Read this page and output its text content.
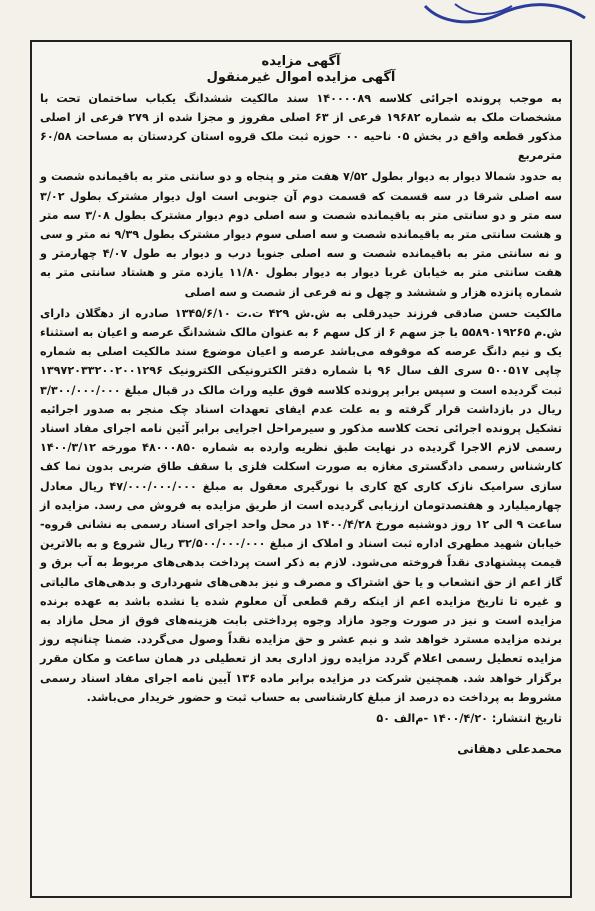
آگهی مزایده
آگهی مزایده اموال غیرمنقول

به موجب پرونده اجرائی کلاسه ۱۴۰۰۰۰۸۹ سند مالکیت ششدانگ یکباب ساختمان تحت با مشخصات ملک به شماره ۱۹۶۸۲ فرعی از ۶۳ اصلی مفروز و مجزا شده از ۲۷۹ فرعی از اصلی مذکور قطعه واقع در بخش ۰۵ ناحیه ۰۰ حوزه ثبت ملک قروه استان کردستان به مساحت ۶۰/۵۸ مترمربع

به حدود شمالا دیوار به دیوار بطول ۷/۵۲ هفت متر و پنجاه و دو سانتی متر به باقیمانده شصت و سه اصلی شرقا در سه قسمت که قسمت دوم آن جنوبی است اول دیوار مشترک بطول ۳/۰۲ سه متر و دو سانتی متر به باقیمانده شصت و سه اصلی دوم دیوار مشترک بطول ۳/۰۸ سه متر و هشت سانتی متر به باقیمانده شصت و سه اصلی سوم دیوار مشترک بطول ۹/۳۹ نه متر و سی و نه سانتی متر به باقیمانده شصت و سه اصلی جنوبا درب و دیوار به طول ۴/۰۷ چهارمتر و هفت سانتی متر به خیابان غربا دیوار به دیوار بطول ۱۱/۸۰ یازده متر و هشتاد سانتی متر به شماره پانزده هزار و شششد و چهل و نه فرعی از شصت و سه اصلی

مالکیت حسن صادقی فرزند حیدرقلی به ش.ش ۴۲۹ ت.ت ۱۳۴۵/۶/۱۰ صادره از دهگلان دارای ش.م ۵۵۸۹۰۱۹۲۶۵ با جز سهم ۶ از کل سهم ۶ به عنوان مالک ششدانگ عرصه و اعیان به استثناء یک و نیم دانگ عرصه که موقوفه می‌باشد عرصه و اعیان موضوع سند مالکیت اصلی به شماره چاپی ۵۰۰۵۱۷ سری الف سال ۹۶ با شماره دفتر الکترونیکی الکترونیک ۱۳۹۷۲۰۳۳۲۰۰۲۰۰۱۲۹۶ ثبت گردیده است و سپس برابر پرونده کلاسه فوق علیه وراث مالک در قبال مبلغ ۳/۳۰۰/۰۰۰/۰۰۰ ریال در بازداشت قرار گرفته و به علت عدم ایفای تعهدات اسناد چک منجر به صدور اجرائیه تشکیل پرونده اجرائی تحت کلاسه مذکور و سیرمراحل اجرایی برابر آئین نامه اجرای مفاد اسناد رسمی لازم الاجرا گردیده در نهایت طبق نظریه وارده به شماره ۴۸۰۰۰۸۵۰ مورخه ۱۴۰۰/۳/۱۲ کارشناس رسمی دادگستری مغازه به صورت اسکلت فلزی با سقف طاق ضربی بدون نما کف سازی سرامیک نازک کاری کچ کاری با نورگیری معقول به مبلغ ۴۷/۰۰۰/۰۰۰/۰۰۰ ریال معادل چهارمیلیارد و هفتصدتومان ارزیابی گردیده است از طریق مزایده به فروش می رسد. مزایده از ساعت ۹ الی ۱۲ روز دوشنبه مورخ ۱۴۰۰/۴/۲۸ در محل واحد اجرای اسناد رسمی به نشانی قروه-خیابان شهید مطهری اداره ثبت اسناد و املاک از مبلغ ۳۲/۵۰۰/۰۰۰/۰۰۰ ریال شروع و به بالاترین قیمت پیشنهادی نقداً فروخته می‌شود. لازم به ذکر است پرداخت بدهی‌های مربوط به آب برق و گاز اعم از حق انشعاب و یا حق اشتراک و مصرف و نیز بدهی‌های شهرداری و بدهی‌های مالیاتی و غیره تا تاریخ مزایده اعم از اینکه رقم قطعی آن معلوم شده یا نشده باشد به عهده برنده مزایده است و نیز در صورت وجود مازاد وجوه پرداختی بابت هزینه‌های فوق از محل مازاد به برنده مزایده مسترد خواهد شد و نیم عشر و حق مزایده نقداً وصول می‌گردد. ضمنا چنانچه روز مزایده تعطیل رسمی اعلام گردد مزایده روز اداری بعد از تعطیلی در همان ساعت و مکان مقرر برگزار خواهد شد. همچنین شرکت در مزایده برابر ماده ۱۳۶ آیین نامه اجرای مفاد اسناد رسمی مشروط به پرداخت ده درصد از مبلغ کارشناسی به حساب ثبت و حضور خریدار می‌باشد.

تاریخ انتشار: ۱۴۰۰/۴/۲۰ -م‌الف ۵۰

محمدعلی دهقانی
